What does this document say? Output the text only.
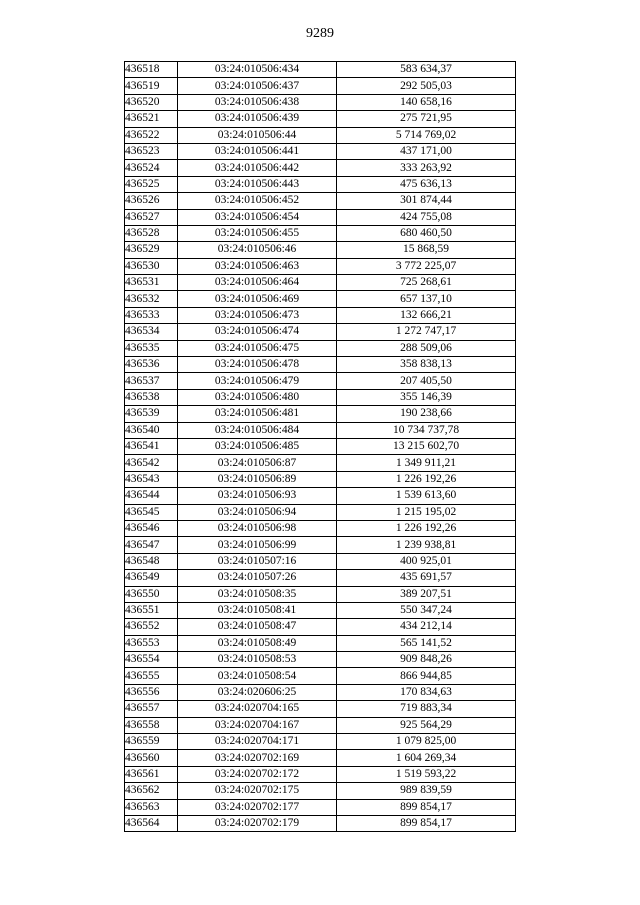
9289
436518	03:24:010506:434	583 634,37
436519	03:24:010506:437	292 505,03
436520	03:24:010506:438	140 658,16
436521	03:24:010506:439	275 721,95
436522	03:24:010506:44	5 714 769,02
436523	03:24:010506:441	437 171,00
436524	03:24:010506:442	333 263,92
436525	03:24:010506:443	475 636,13
436526	03:24:010506:452	301 874,44
436527	03:24:010506:454	424 755,08
436528	03:24:010506:455	680 460,50
436529	03:24:010506:46	15 868,59
436530	03:24:010506:463	3 772 225,07
436531	03:24:010506:464	725 268,61
436532	03:24:010506:469	657 137,10
436533	03:24:010506:473	132 666,21
436534	03:24:010506:474	1 272 747,17
436535	03:24:010506:475	288 509,06
436536	03:24:010506:478	358 838,13
436537	03:24:010506:479	207 405,50
436538	03:24:010506:480	355 146,39
436539	03:24:010506:481	190 238,66
436540	03:24:010506:484	10 734 737,78
436541	03:24:010506:485	13 215 602,70
436542	03:24:010506:87	1 349 911,21
436543	03:24:010506:89	1 226 192,26
436544	03:24:010506:93	1 539 613,60
436545	03:24:010506:94	1 215 195,02
436546	03:24:010506:98	1 226 192,26
436547	03:24:010506:99	1 239 938,81
436548	03:24:010507:16	400 925,01
436549	03:24:010507:26	435 691,57
436550	03:24:010508:35	389 207,51
436551	03:24:010508:41	550 347,24
436552	03:24:010508:47	434 212,14
436553	03:24:010508:49	565 141,52
436554	03:24:010508:53	909 848,26
436555	03:24:010508:54	866 944,85
436556	03:24:020606:25	170 834,63
436557	03:24:020704:165	719 883,34
436558	03:24:020704:167	925 564,29
436559	03:24:020704:171	1 079 825,00
436560	03:24:020702:169	1 604 269,34
436561	03:24:020702:172	1 519 593,22
436562	03:24:020702:175	989 839,59
436563	03:24:020702:177	899 854,17
436564	03:24:020702:179	899 854,17
